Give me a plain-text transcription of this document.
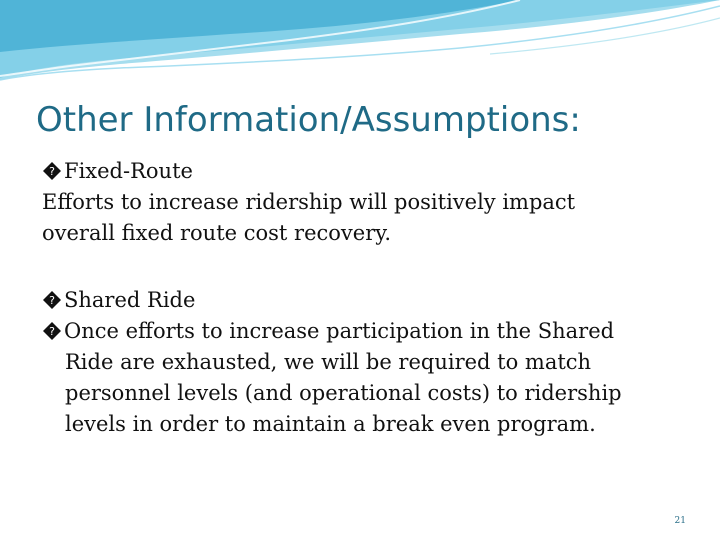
Other Information/Assumptions:
? Fixed-Route
Efforts to increase ridership will positively impact
overall fixed route cost recovery.
? Shared Ride
? Once efforts to increase participation in the Shared
Ride are exhausted, we will be required to match
personnel levels (and operational costs) to ridership
levels in order to maintain a break even program.
21
